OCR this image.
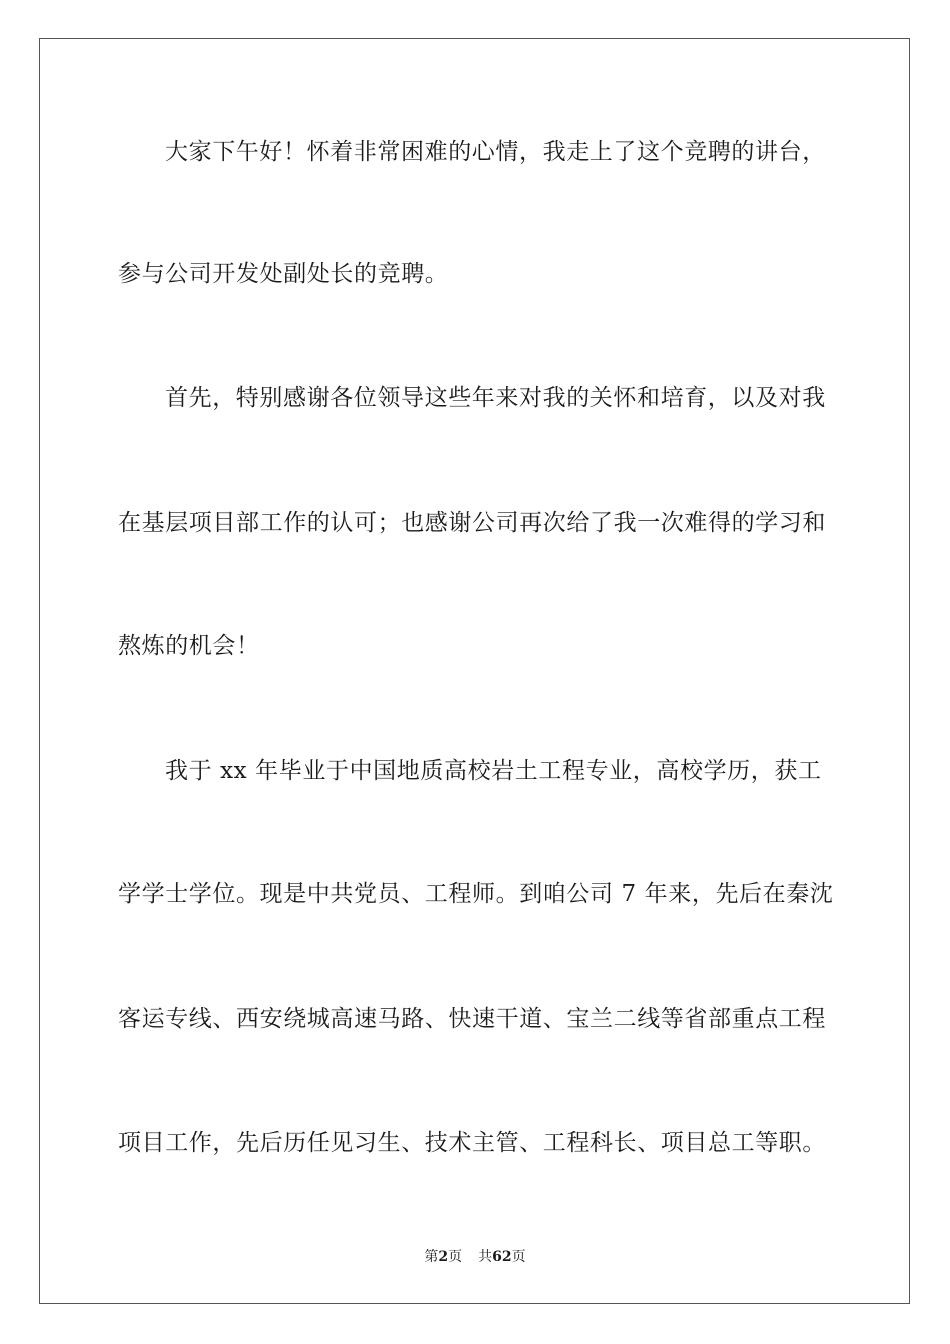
大家下午好！怀着非常困难的心情，我走上了这个竞聘的讲台，
参与公司开发处副处长的竞聘。
首先，特别感谢各位领导这些年来对我的关怀和培育，以及对我
在基层项目部工作的认可；也感谢公司再次给了我一次难得的学习和
熬炼的机会！
我于 xx 年毕业于中国地质高校岩土工程专业，高校学历，获工
学学士学位。现是中共党员、工程师。到咱公司 7 年来，先后在秦沈
客运专线、西安绕城高速马路、快速干道、宝兰二线等省部重点工程
项目工作，先后历任见习生、技术主管、工程科长、项目总工等职。
第2页 共62页
